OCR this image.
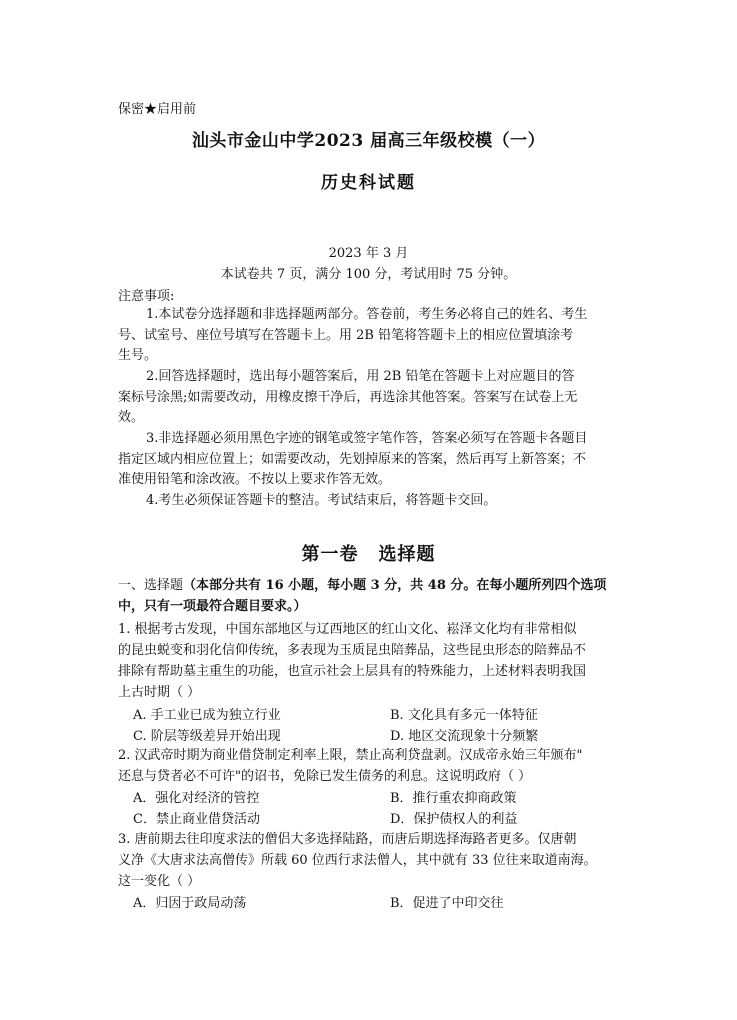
保密★启用前
汕头市金山中学2023 届高三年级校模（一）
历史科试题
2023 年 3 月
本试卷共 7 页，满分 100 分，考试用时 75 分钟。
注意事项:
1.本试卷分选择题和非选择题两部分。答卷前，考生务必将自己的姓名、考生
号、试室号、座位号填写在答题卡上。用 2B 铅笔将答题卡上的相应位置填涂考
生号。
2.回答选择题时，选出每小题答案后，用 2B 铅笔在答题卡上对应题目的答
案标号涂黑;如需要改动，用橡皮擦干净后，再选涂其他答案。答案写在试卷上无
效。
3.非选择题必须用黑色字迹的钢笔或签字笔作答，答案必须写在答题卡各题目
指定区域内相应位置上；如需要改动，先划掉原来的答案，然后再写上新答案；不
准使用铅笔和涂改液。不按以上要求作答无效。
4.考生必须保证答题卡的整洁。考试结束后，将答题卡交回。
第一卷 选择题
一、选择题（本部分共有 16 小题，每小题 3 分，共 48 分。在每小题所列四个选项
中，只有一项最符合题目要求。）
1. 根据考古发现，中国东部地区与辽西地区的红山文化、崧泽文化均有非常相似
的昆虫蜕变和羽化信仰传统，多表现为玉质昆虫陪葬品，这些昆虫形态的陪葬品不
排除有帮助墓主重生的功能，也宣示社会上层具有的特殊能力，上述材料表明我国
上古时期（ ）
A. 手工业已成为独立行业	B. 文化具有多元一体特征
C. 阶层等级差异开始出现	D. 地区交流现象十分频繁
2. 汉武帝时期为商业借贷制定利率上限，禁止高利贷盘剥。汉成帝永始三年颁布"
还息与贷者必不可许"的诏书，免除已发生债务的利息。这说明政府（ ）
A．强化对经济的管控	B．推行重农抑商政策
C．禁止商业借贷活动	D．保护债权人的利益
3. 唐前期去往印度求法的僧侣大多选择陆路，而唐后期选择海路者更多。仅唐朝
义净《大唐求法高僧传》所载 60 位西行求法僧人，其中就有 33 位往来取道南海。
这一变化（ ）
A．归因于政局动荡	B．促进了中印交往
